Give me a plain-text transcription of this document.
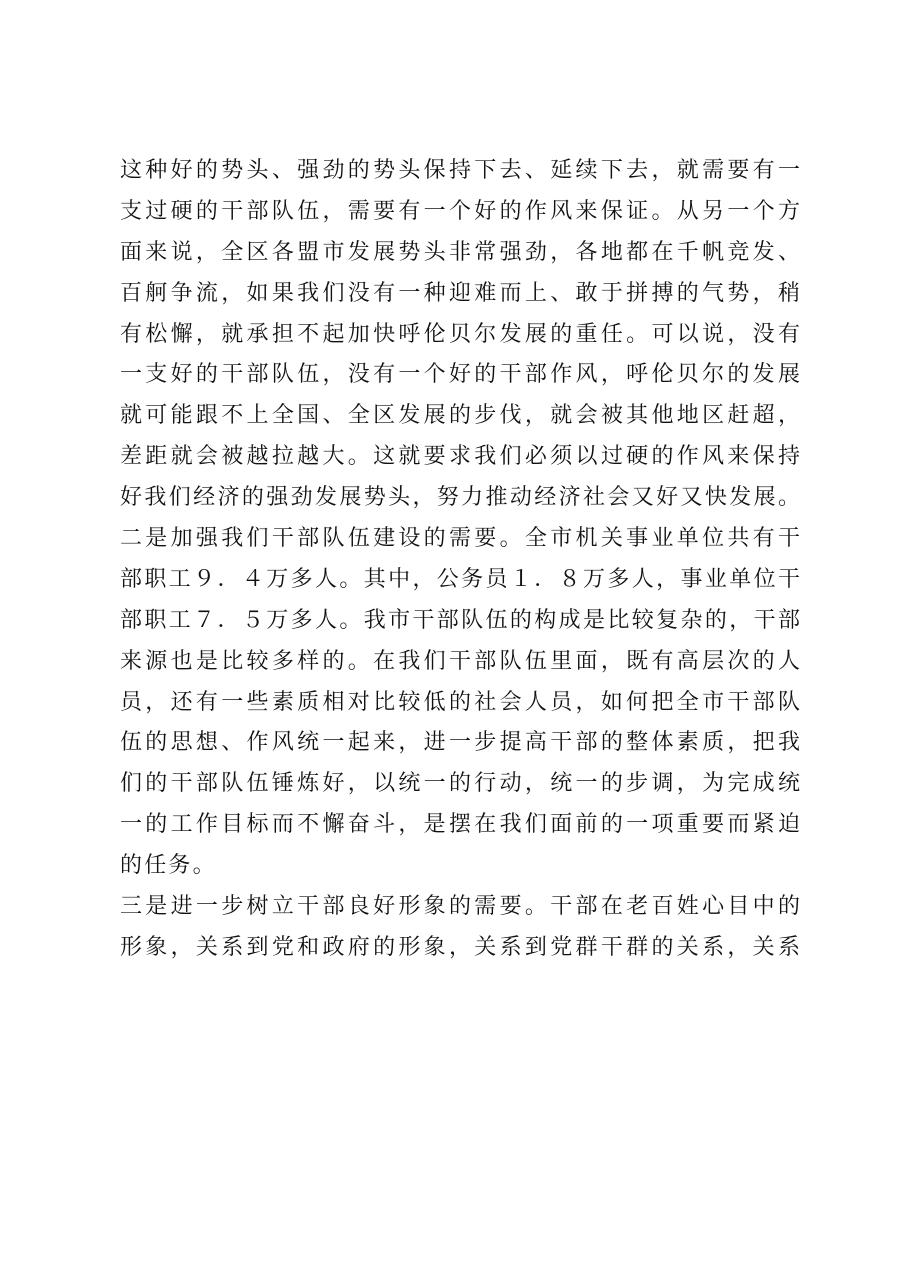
这种好的势头、强劲的势头保持下去、延续下去，就需要有一
支过硬的干部队伍，需要有一个好的作风来保证。从另一个方
面来说，全区各盟市发展势头非常强劲，各地都在千帆竞发、
百舸争流，如果我们没有一种迎难而上、敢于拼搏的气势，稍
有松懈，就承担不起加快呼伦贝尔发展的重任。可以说，没有
一支好的干部队伍，没有一个好的干部作风，呼伦贝尔的发展
就可能跟不上全国、全区发展的步伐，就会被其他地区赶超，
差距就会被越拉越大。这就要求我们必须以过硬的作风来保持
好我们经济的强劲发展势头，努力推动经济社会又好又快发展。
二是加强我们干部队伍建设的需要。全市机关事业单位共有干
部职工９．４万多人。其中，公务员１．８万多人，事业单位干
部职工７．５万多人。我市干部队伍的构成是比较复杂的，干部
来源也是比较多样的。在我们干部队伍里面，既有高层次的人
员，还有一些素质相对比较低的社会人员，如何把全市干部队
伍的思想、作风统一起来，进一步提高干部的整体素质，把我
们的干部队伍锤炼好，以统一的行动，统一的步调，为完成统
一的工作目标而不懈奋斗，是摆在我们面前的一项重要而紧迫
的任务。
三是进一步树立干部良好形象的需要。干部在老百姓心目中的
形象，关系到党和政府的形象，关系到党群干群的关系，关系
